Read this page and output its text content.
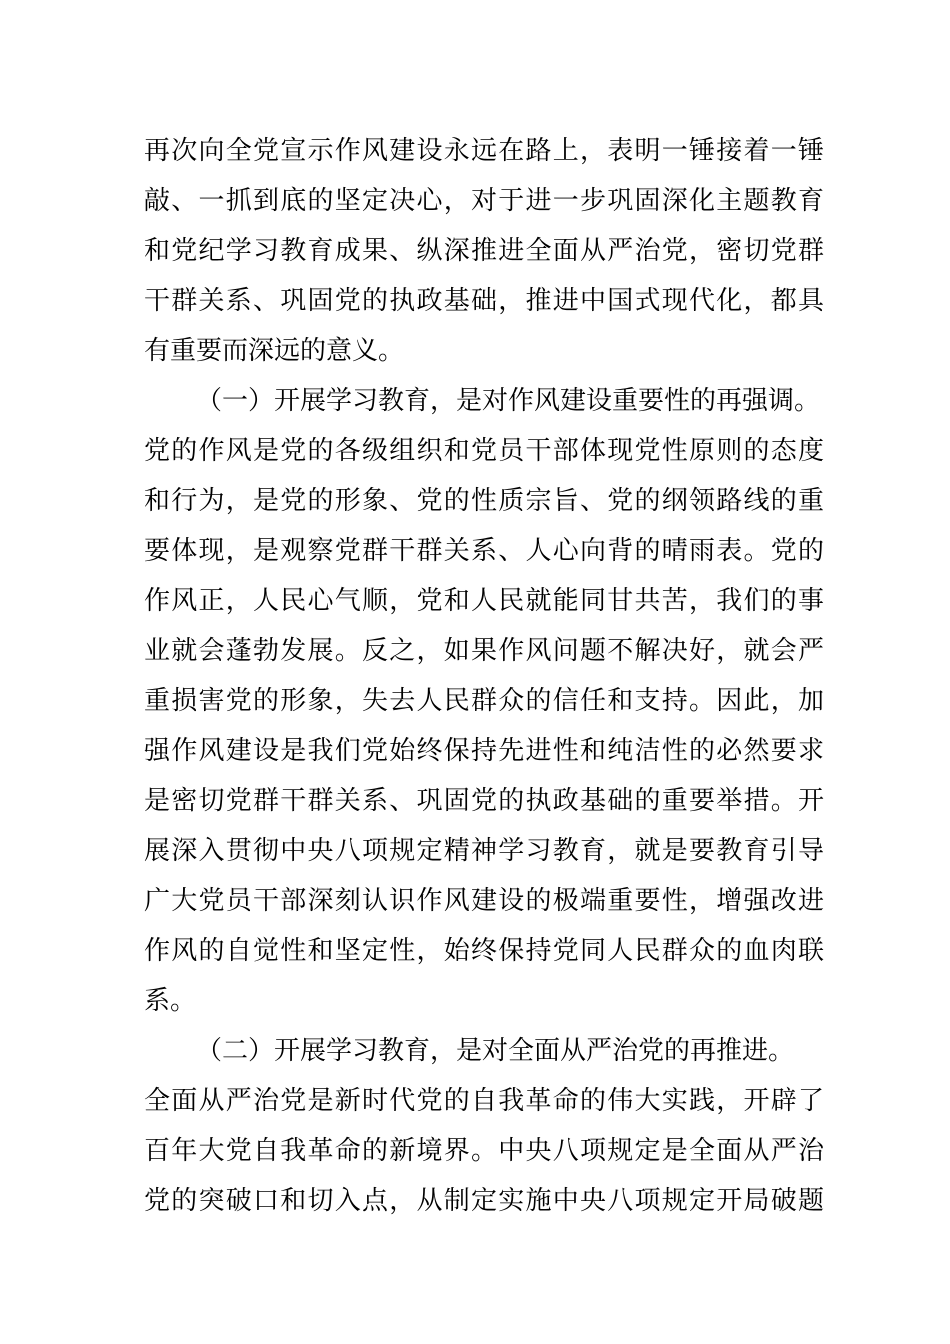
再次向全党宣示作风建设永远在路上，表明一锤接着一锤
敲、一抓到底的坚定决心，对于进一步巩固深化主题教育
和党纪学习教育成果、纵深推进全面从严治党，密切党群
干群关系、巩固党的执政基础，推进中国式现代化，都具
有重要而深远的意义。
（一）开展学习教育，是对作风建设重要性的再强调。
党的作风是党的各级组织和党员干部体现党性原则的态度
和行为，是党的形象、党的性质宗旨、党的纲领路线的重
要体现，是观察党群干群关系、人心向背的晴雨表。党的
作风正，人民心气顺，党和人民就能同甘共苦，我们的事
业就会蓬勃发展。反之，如果作风问题不解决好，就会严
重损害党的形象，失去人民群众的信任和支持。因此，加
强作风建设是我们党始终保持先进性和纯洁性的必然要求
是密切党群干群关系、巩固党的执政基础的重要举措。开
展深入贯彻中央八项规定精神学习教育，就是要教育引导
广大党员干部深刻认识作风建设的极端重要性，增强改进
作风的自觉性和坚定性，始终保持党同人民群众的血肉联
系。
（二）开展学习教育，是对全面从严治党的再推进。
全面从严治党是新时代党的自我革命的伟大实践，开辟了
百年大党自我革命的新境界。中央八项规定是全面从严治
党的突破口和切入点，从制定实施中央八项规定开局破题
